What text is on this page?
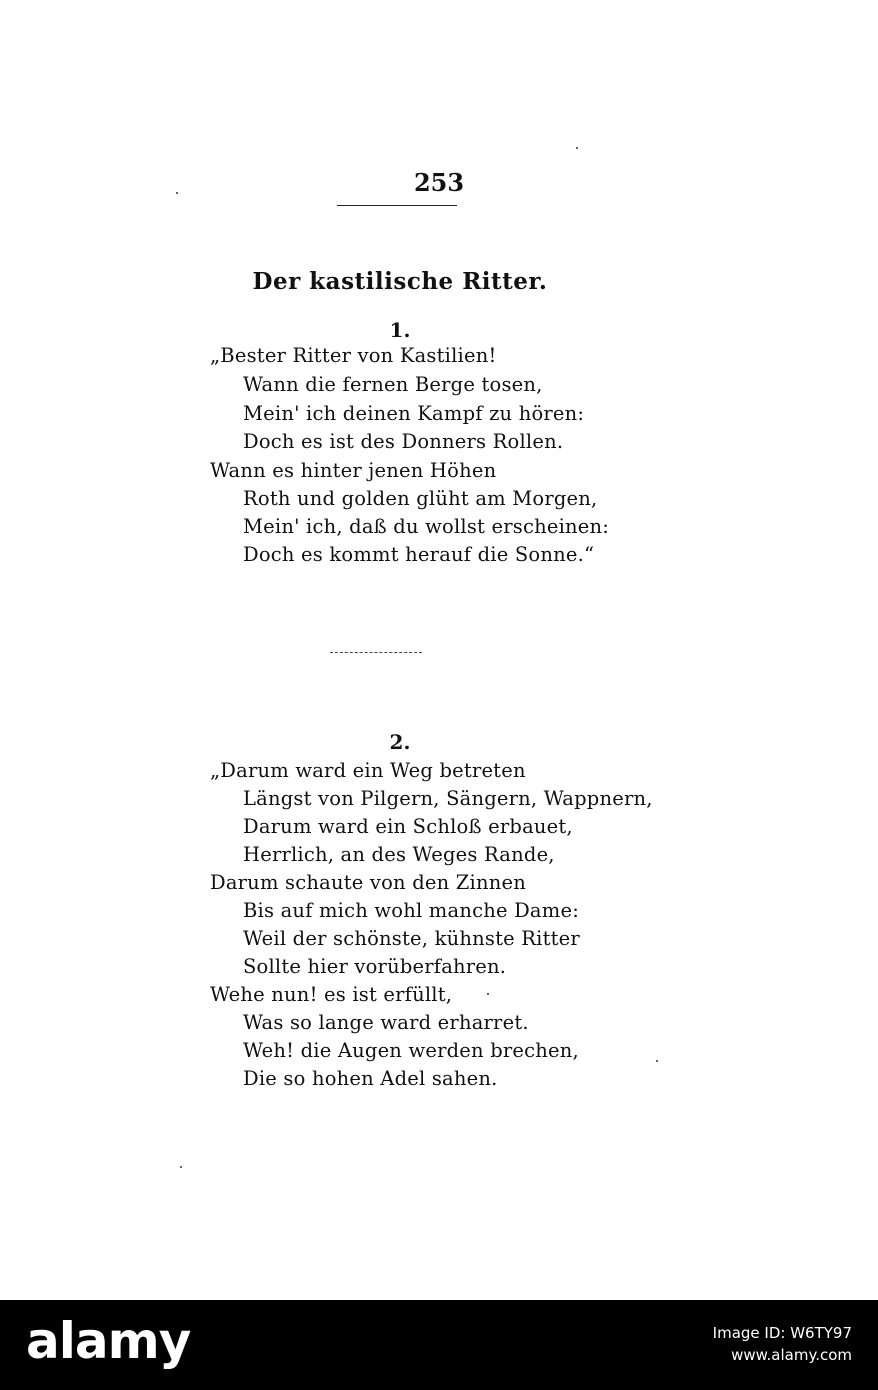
253
Der kastilische Ritter.
1.
„Bester Ritter von Kastilien!
Wann die fernen Berge tosen,
Mein' ich deinen Kampf zu hören:
Doch es ist des Donners Rollen.
Wann es hinter jenen Höhen
Roth und golden glüht am Morgen,
Mein' ich, daß du wollst erscheinen:
Doch es kommt herauf die Sonne.“
2.
„Darum ward ein Weg betreten
Längst von Pilgern, Sängern, Wappnern,
Darum ward ein Schloß erbauet,
Herrlich, an des Weges Rande,
Darum schaute von den Zinnen
Bis auf mich wohl manche Dame:
Weil der schönste, kühnste Ritter
Sollte hier vorüberfahren.
Wehe nun! es ist erfüllt,
Was so lange ward erharret.
Weh! die Augen werden brechen,
Die so hohen Adel sahen.
alamy	Image ID: W6TY97
www.alamy.com
